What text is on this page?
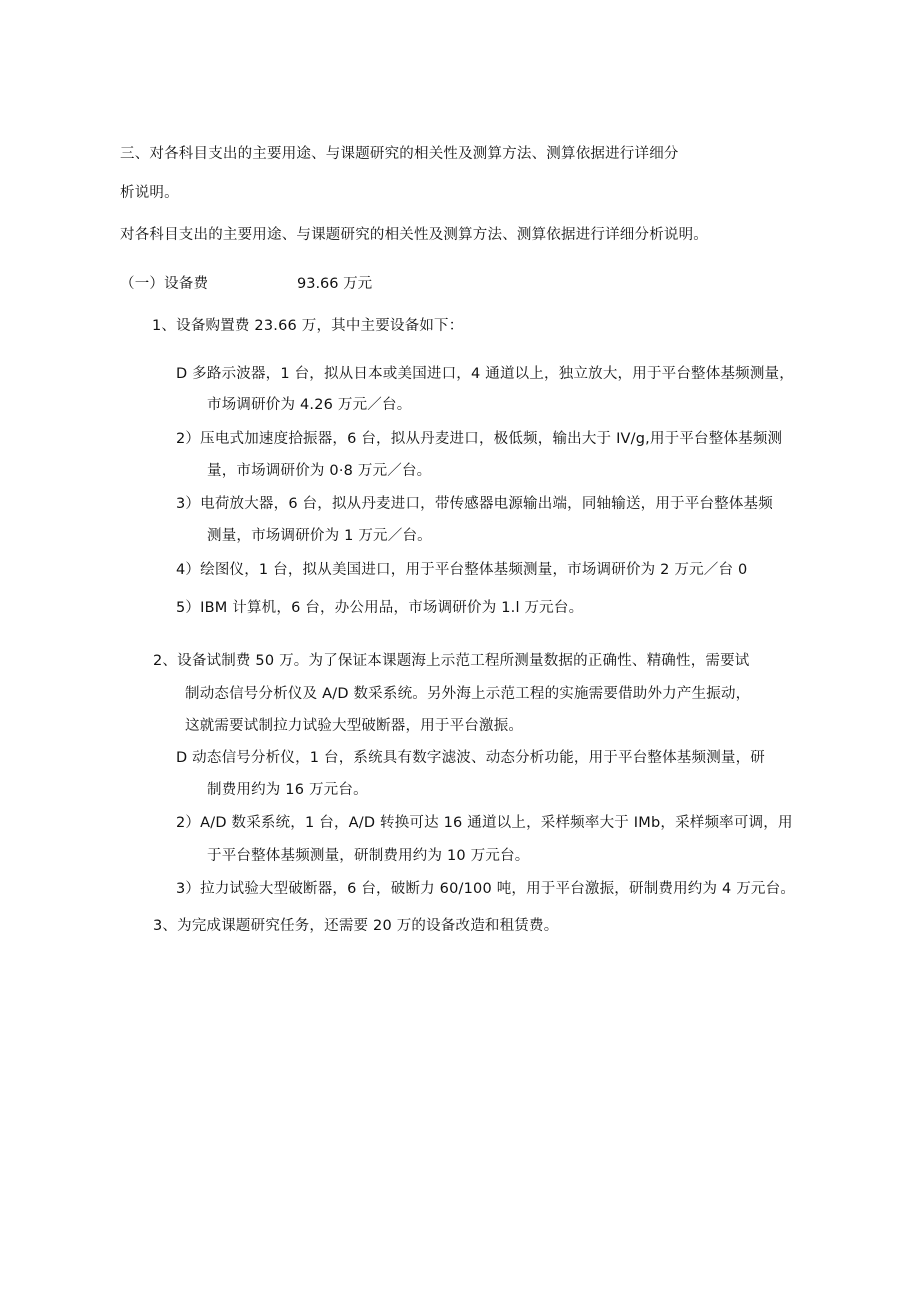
三、对各科目支出的主要用途、与课题研究的相关性及测算方法、测算依据进行详细分
析说明。
对各科目支出的主要用途、与课题研究的相关性及测算方法、测算依据进行详细分析说明。
（一）设备费	93.66 万元
1、设备购置费 23.66 万，其中主要设备如下：
D 多路示波器，1 台，拟从日本或美国进口，4 通道以上，独立放大，用于平台整体基频测量，
市场调研价为 4.26 万元／台。
2）压电式加速度拾振器，6 台，拟从丹麦进口，极低频，输出大于 IV/g,用于平台整体基频测
量，市场调研价为 0·8 万元／台。
3）电荷放大器，6 台，拟从丹麦进口，带传感器电源输出端，同轴输送，用于平台整体基频
测量，市场调研价为 1 万元／台。
4）绘图仪，1 台，拟从美国进口，用于平台整体基频测量，市场调研价为 2 万元／台 0
5）IBM 计算机，6 台，办公用品，市场调研价为 1.l 万元台。
2、设备试制费 50 万。为了保证本课题海上示范工程所测量数据的正确性、精确性，需要试
制动态信号分析仪及 A/D 数采系统。另外海上示范工程的实施需要借助外力产生振动，
这就需要试制拉力试验大型破断器，用于平台激振。
D 动态信号分析仪，1 台，系统具有数字滤波、动态分析功能，用于平台整体基频测量，研
制费用约为 16 万元台。
2）A/D 数采系统，1 台，A/D 转换可达 16 通道以上，采样频率大于 IMb，采样频率可调，用
于平台整体基频测量，研制费用约为 10 万元台。
3）拉力试验大型破断器，6 台，破断力 60/100 吨，用于平台激振，研制费用约为 4 万元台。
3、为完成课题研究任务，还需要 20 万的设备改造和租赁费。
